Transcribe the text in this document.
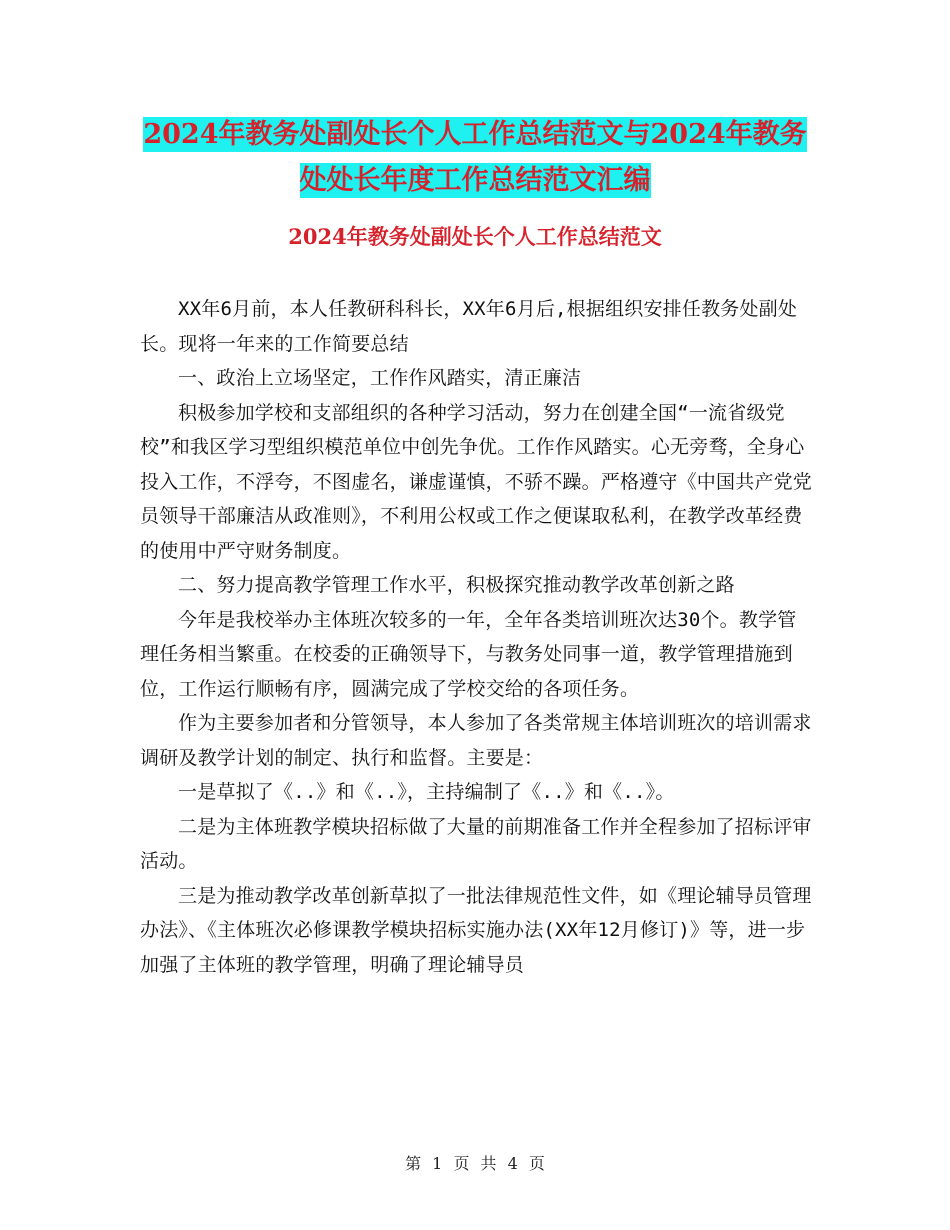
2024年教务处副处长个人工作总结范文与2024年教务
处处长年度工作总结范文汇编
2024年教务处副处长个人工作总结范文

XX年6月前，本人任教研科科长，XX年6月后,根据组织安排任教务处副处长。现将一年来的工作简要总结

一、政治上立场坚定，工作作风踏实，清正廉洁

积极参加学校和支部组织的各种学习活动，努力在创建全国“一流省级党校”和我区学习型组织模范单位中创先争优。工作作风踏实。心无旁骛，全身心投入工作，不浮夸，不图虚名，谦虚谨慎，不骄不躁。严格遵守《中国共产党党员领导干部廉洁从政准则》，不利用公权或工作之便谋取私利，在教学改革经费的使用中严守财务制度。

二、努力提高教学管理工作水平，积极探究推动教学改革创新之路

今年是我校举办主体班次较多的一年，全年各类培训班次达30个。教学管理任务相当繁重。在校委的正确领导下，与教务处同事一道，教学管理措施到位，工作运行顺畅有序，圆满完成了学校交给的各项任务。

作为主要参加者和分管领导，本人参加了各类常规主体培训班次的培训需求调研及教学计划的制定、执行和监督。主要是：

一是草拟了《..》和《..》，主持编制了《..》和《..》。

二是为主体班教学模块招标做了大量的前期准备工作并全程参加了招标评审活动。

三是为推动教学改革创新草拟了一批法律规范性文件，如《理论辅导员管理办法》、《主体班次必修课教学模块招标实施办法(XX年12月修订)》等，进一步加强了主体班的教学管理，明确了理论辅导员

第 1 页 共 4 页
